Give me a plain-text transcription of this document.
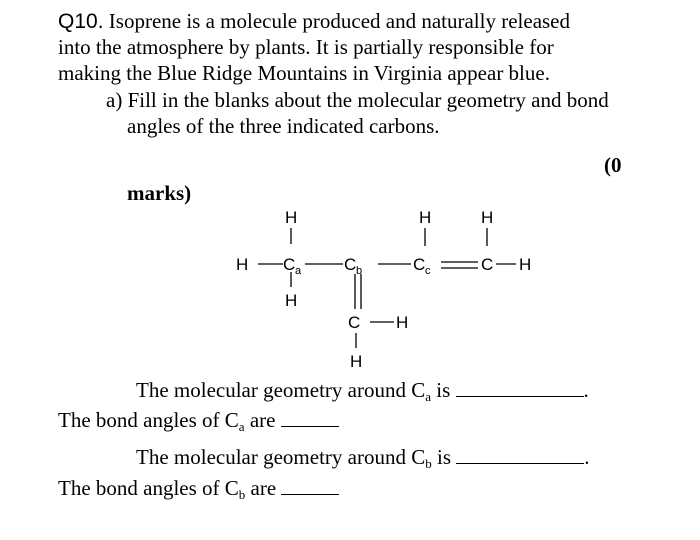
Q10. Isoprene is a molecule produced and naturally released
into the atmosphere by plants. It is partially responsible for
making the Blue Ridge Mountains in Virginia appear blue.
a) Fill in the blanks about the molecular geometry and bond
angles of the three indicated carbons.
(0
marks)
H
H C a
H
C b
C H
H
H
C c
H
C H
The molecular geometry around $C_a$ is	.
The bond angles of $C_a$ are
The molecular geometry around $C_b$ is	.
The bond angles of $C_b$ are
